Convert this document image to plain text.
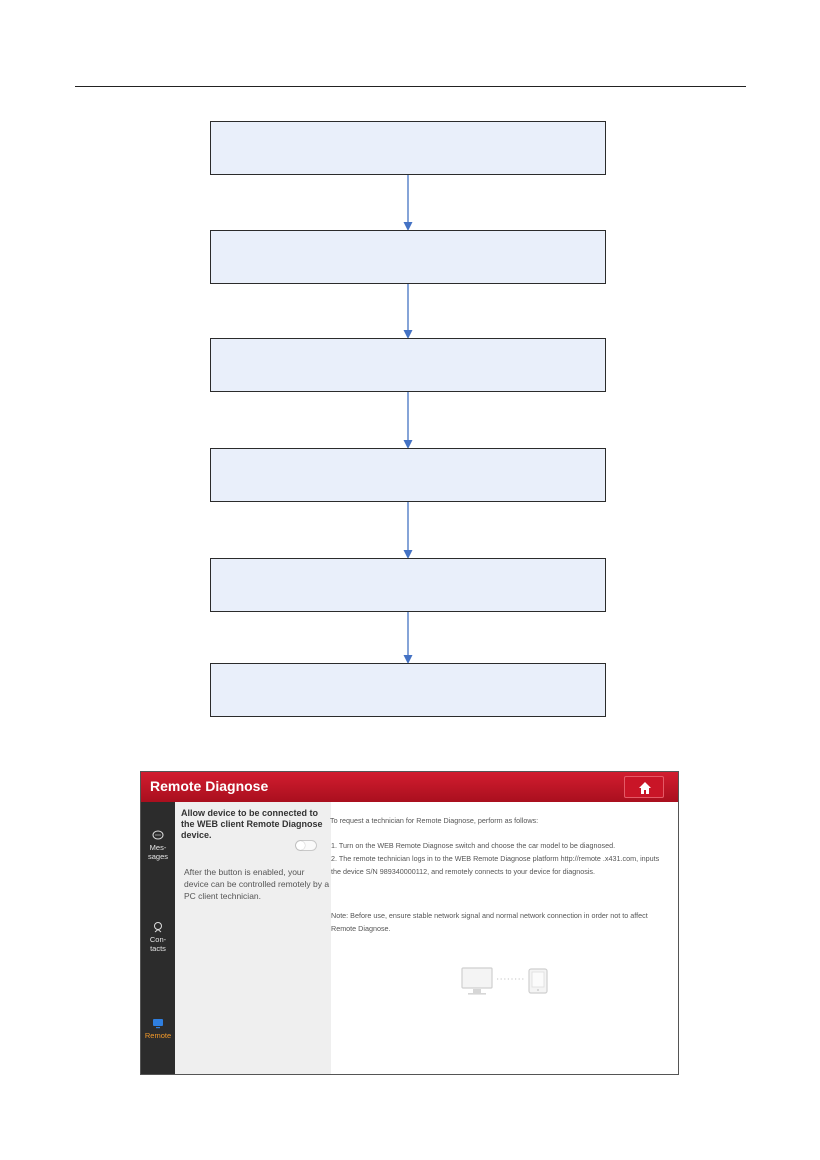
Remote Diagnose
Mes-
sages
Con-
tacts
Remote
Allow device to be connected to the WEB client Remote Diagnose device.
After the button is enabled, your device can be controlled remotely by a PC client technician.

To request a technician for Remote Diagnose, perform as follows:

1. Turn on the WEB Remote Diagnose switch and choose the car model to be diagnosed.

2. The remote technician logs in to the WEB Remote Diagnose platform http://remote .x431.com, inputs the device S/N 989340000112, and remotely connects to your device for diagnosis.

Note: Before use, ensure stable network signal and normal network connection in order not to affect Remote Diagnose.
